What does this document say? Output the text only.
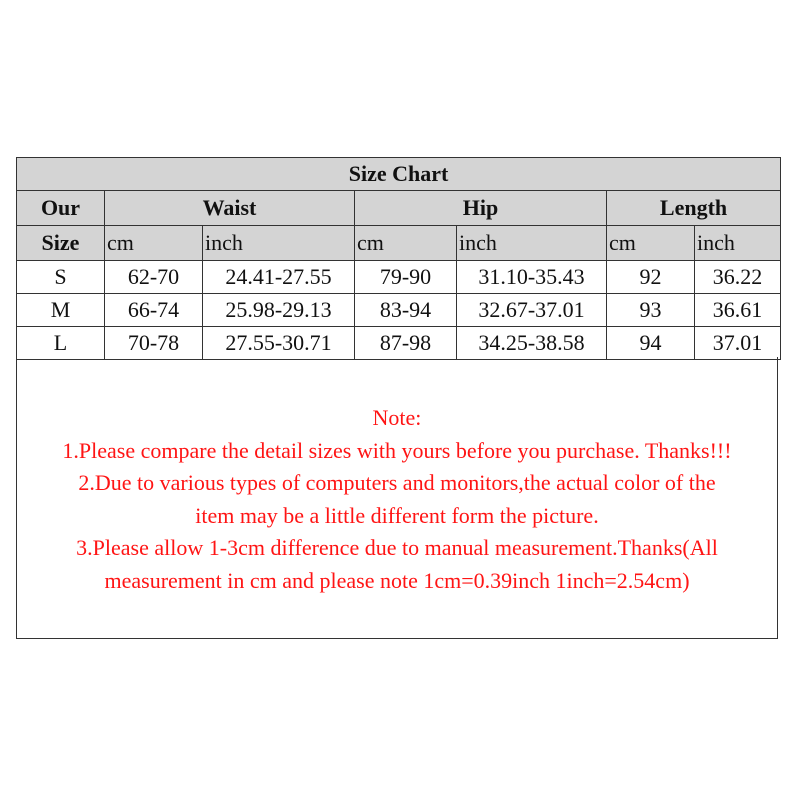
Size Chart						
Our	Waist		Hip		Length	
Size	cm	inch	cm	inch	cm	inch
S	62-70	24.41-27.55	79-90	31.10-35.43	92	36.22
M	66-74	25.98-29.13	83-94	32.67-37.01	93	36.61
L	70-78	27.55-30.71	87-98	34.25-38.58	94	37.01

Note:

1.Please compare the detail sizes with yours before you purchase. Thanks!!!

2.Due to various types of computers and monitors,the actual color of the

item may be a little different form the picture.

3.Please allow 1-3cm difference due to manual measurement.Thanks(All

measurement in cm and please note 1cm=0.39inch 1inch=2.54cm)
